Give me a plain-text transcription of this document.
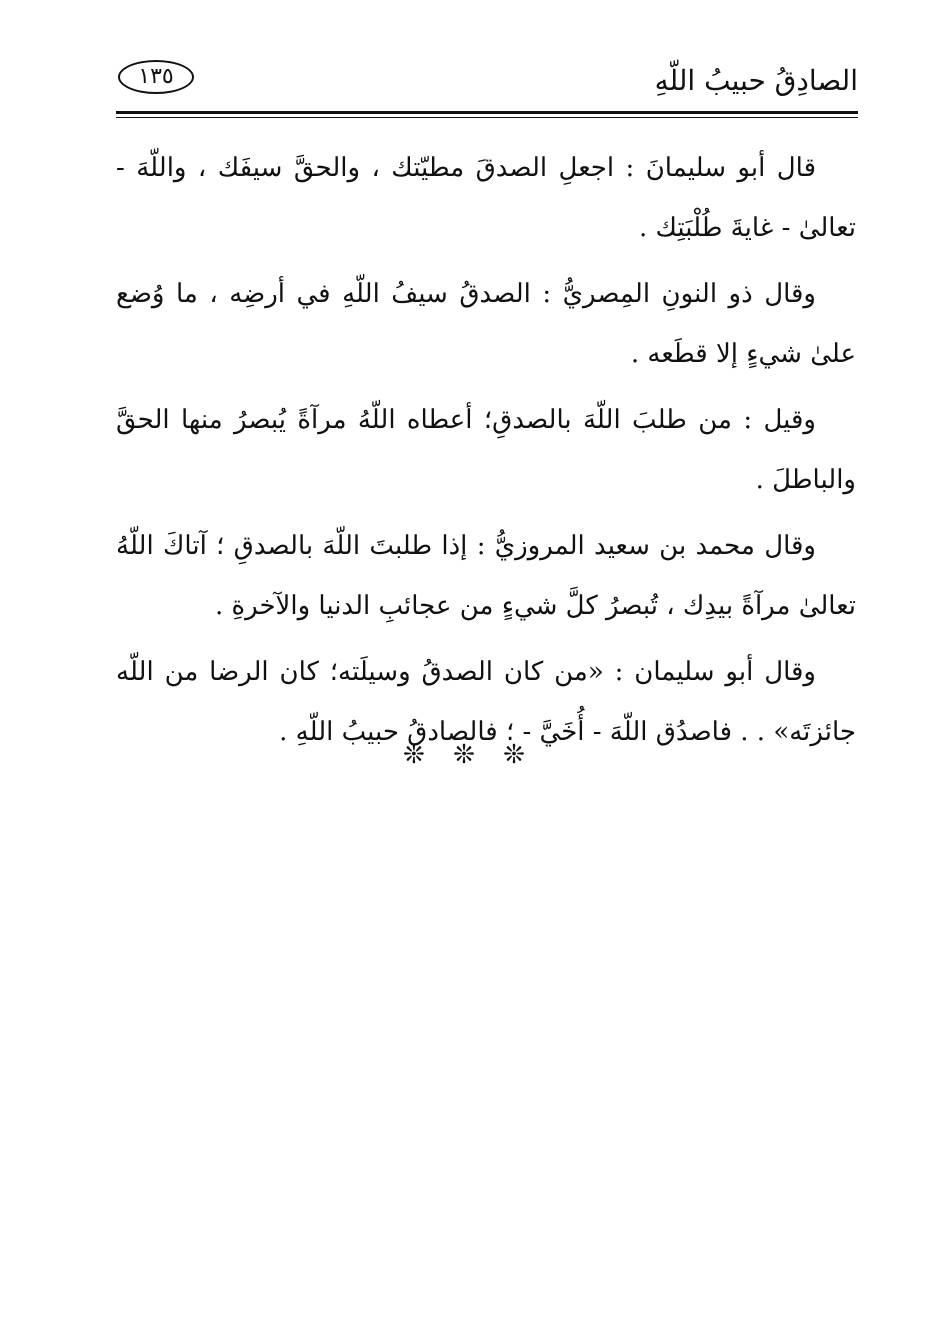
١٣٥	الصادِقُ حبيبُ اللّهِ

قال أبو سليمانَ : اجعلِ الصدقَ مطيّتك ، والحقَّ سيفَك ، واللّهَ - تعالىٰ - غايةَ طُلْبَتِك .

وقال ذو النونِ المِصريُّ : الصدقُ سيفُ اللّهِ في أرضِه ، ما وُضع علىٰ شيءٍ إلا قطَعه .

وقيل : من طلبَ اللّهَ بالصدقِ؛ أعطاه اللّهُ مرآةً يُبصرُ منها الحقَّ والباطلَ .

وقال محمد بن سعيد المروزيُّ : إذا طلبتَ اللّهَ بالصدقِ ؛ آتاكَ اللّهُ تعالىٰ مرآةً بيدِك ، تُبصرُ كلَّ شيءٍ من عجائبِ الدنيا والآخرةِ .

وقال أبو سليمان : «من كان الصدقُ وسيلَته؛ كان الرضا من اللّه جائزتَه» . . فاصدُق اللّهَ - أُخَيَّ - ؛ فالصادقُ حبيبُ اللّهِ .

❊ ❊ ❊
